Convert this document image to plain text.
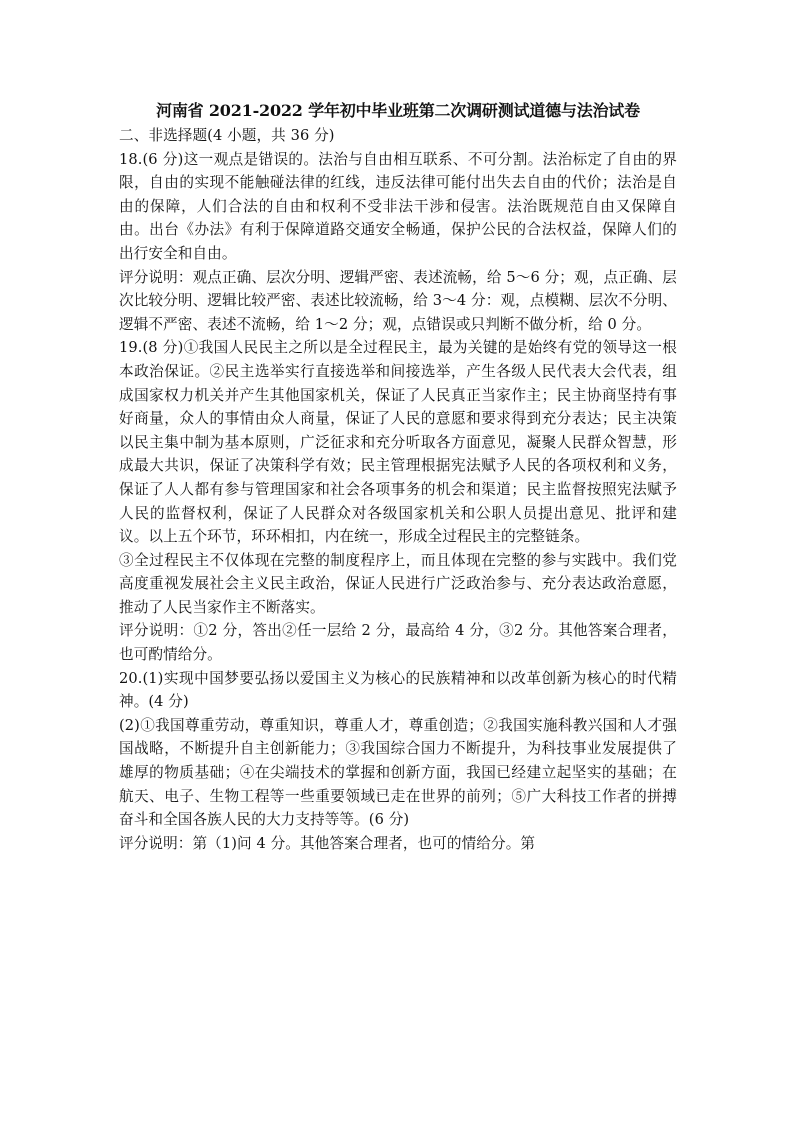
河南省 2021-2022 学年初中毕业班第二次调研测试道德与法治试卷
二、非选择题(4 小题，共 36 分)
18.(6 分)这一观点是错误的。法治与自由相互联系、不可分割。法治标定了自由的界限，自由的实现不能触碰法律的红线，违反法律可能付出失去自由的代价；法治是自由的保障，人们合法的自由和权利不受非法干涉和侵害。法治既规范自由又保障自由。出台《办法》有利于保障道路交通安全畅通，保护公民的合法权益，保障人们的出行安全和自由。
评分说明：观点正确、层次分明、逻辑严密、表述流畅，给 5～6 分；观，点正确、层次比较分明、逻辑比较严密、表述比较流畅，给 3～4 分：观，点模糊、层次不分明、逻辑不严密、表述不流畅，给 1～2 分；观，点错误或只判断不做分析，给 0 分。
19.(8 分)①我国人民民主之所以是全过程民主，最为关键的是始终有党的领导这一根本政治保证。②民主选举实行直接选举和间接选举，产生各级人民代表大会代表，组成国家权力机关并产生其他国家机关，保证了人民真正当家作主；民主协商坚持有事好商量，众人的事情由众人商量，保证了人民的意愿和要求得到充分表达；民主决策以民主集中制为基本原则，广泛征求和充分听取各方面意见，凝聚人民群众智慧，形成最大共识，保证了决策科学有效；民主管理根据宪法赋予人民的各项权利和义务，保证了人人都有参与管理国家和社会各项事务的机会和渠道；民主监督按照宪法赋予人民的监督权利，保证了人民群众对各级国家机关和公职人员提出意见、批评和建议。以上五个环节，环环相扣，内在统一，形成全过程民主的完整链条。
③全过程民主不仅体现在完整的制度程序上，而且体现在完整的参与实践中。我们党高度重视发展社会主义民主政治，保证人民进行广泛政治参与、充分表达政治意愿，推动了人民当家作主不断落实。
评分说明：①2 分，答出②任一层给 2 分，最高给 4 分，③2 分。其他答案合理者，也可酌情给分。
20.(1)实现中国梦要弘扬以爱国主义为核心的民族精神和以改革创新为核心的时代精神。(4 分)
(2)①我国尊重劳动，尊重知识，尊重人才，尊重创造；②我国实施科教兴国和人才强国战略，不断提升自主创新能力；③我国综合国力不断提升，为科技事业发展提供了雄厚的物质基础；④在尖端技术的掌握和创新方面，我国已经建立起坚实的基础；在航天、电子、生物工程等一些重要领域已走在世界的前列；⑤广大科技工作者的拼搏奋斗和全国各族人民的大力支持等等。(6 分)
评分说明：第（1)问 4 分。其他答案合理者，也可的情给分。第
